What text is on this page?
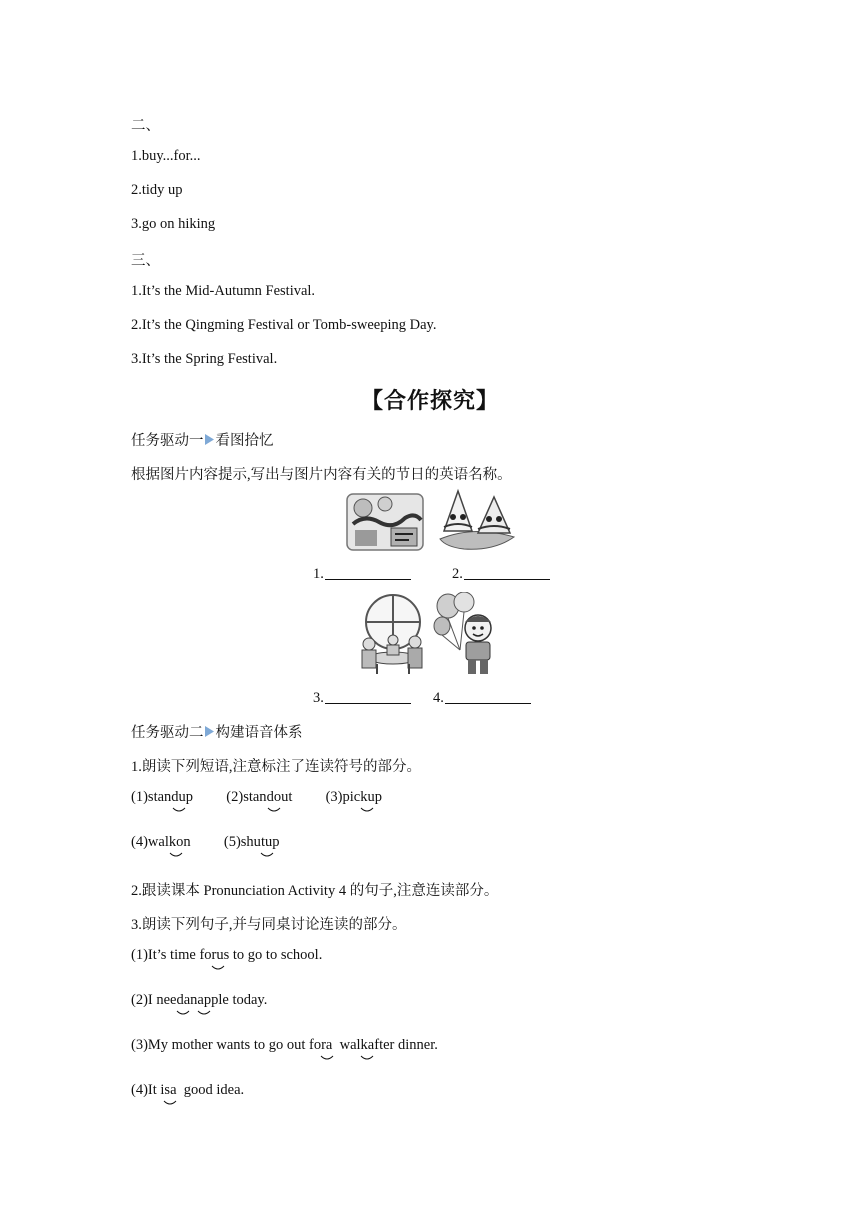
二、
1.buy...for...
2.tidy up
3.go on hiking
三、
1.It’s the Mid-Autumn Festival.
2.It’s the Qingming Festival or Tomb-sweeping Day.
3.It’s the Spring Festival.
【合作探究】
任务驱动一 看图拾忆
根据图片内容提示,写出与图片内容有关的节日的英语名称。
1.	2.
3.	4.
任务驱动二 构建语音体系
1.朗读下列短语,注意标注了连读符号的部分。
(1)standu
p (2)stando
ut (3)picku
p
(4)walko
n (5)shutu
p
2.跟读课本 Pronunciation Activity 4 的句子,注意连读部分。
3.朗读下列句子,并与同桌讨论连读的部分。
(1)It’s time foru
s to go to school.
(2)I needa
nap
ple today.
(3)My mother wants to go out fora
walka
fter dinner.
(4)It isa
good idea.
